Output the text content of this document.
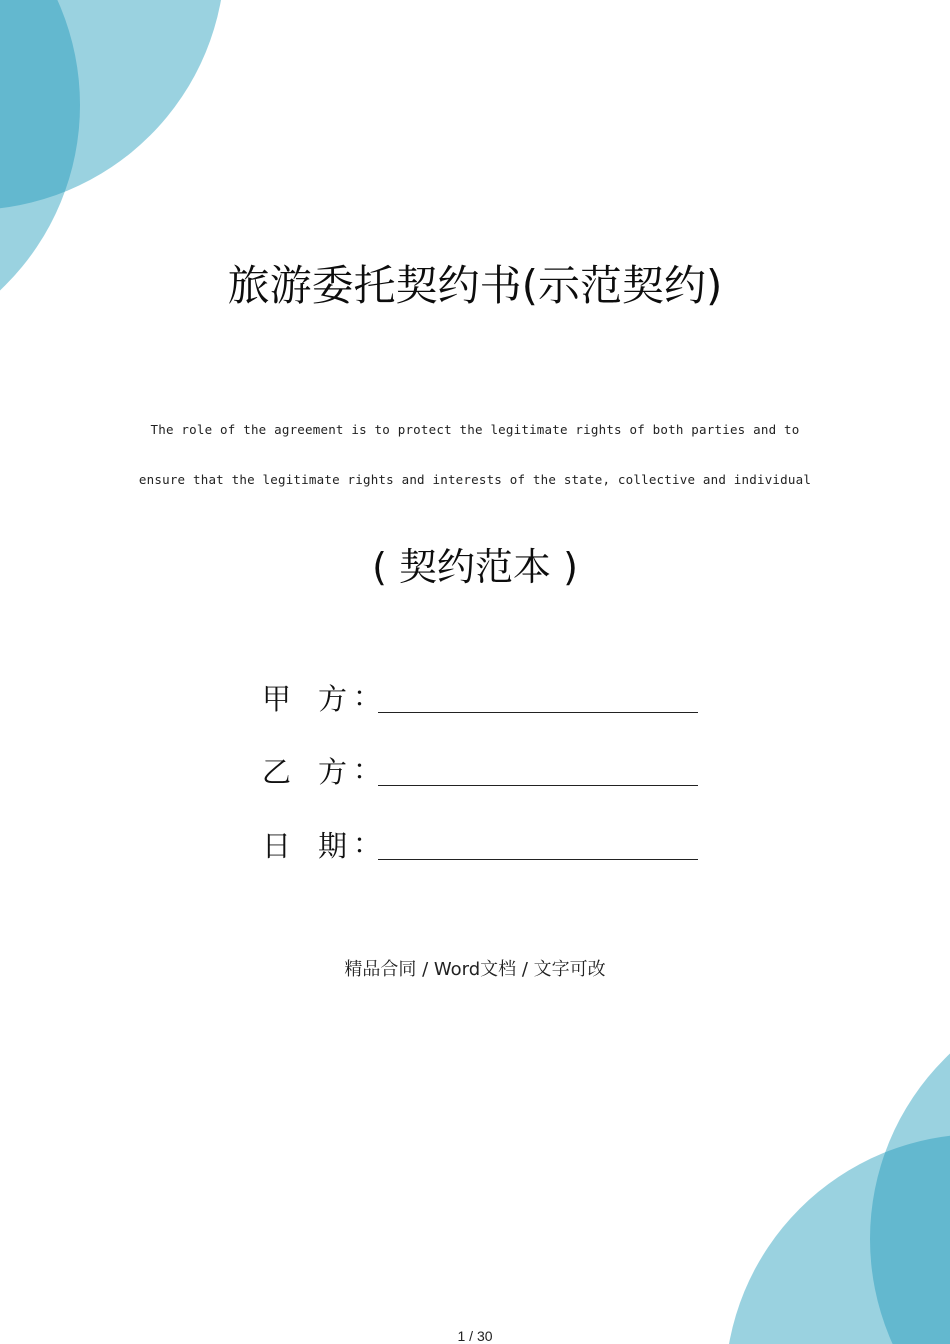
旅游委托契约书(示范契约)
The role of the agreement is to protect the legitimate rights of both parties and to
ensure that the legitimate rights and interests of the state, collective and individual
( 契约范本 )
甲 方 ：
乙 方 ：
日 期 ：
精品合同 / Word文档 / 文字可改
1 / 30
